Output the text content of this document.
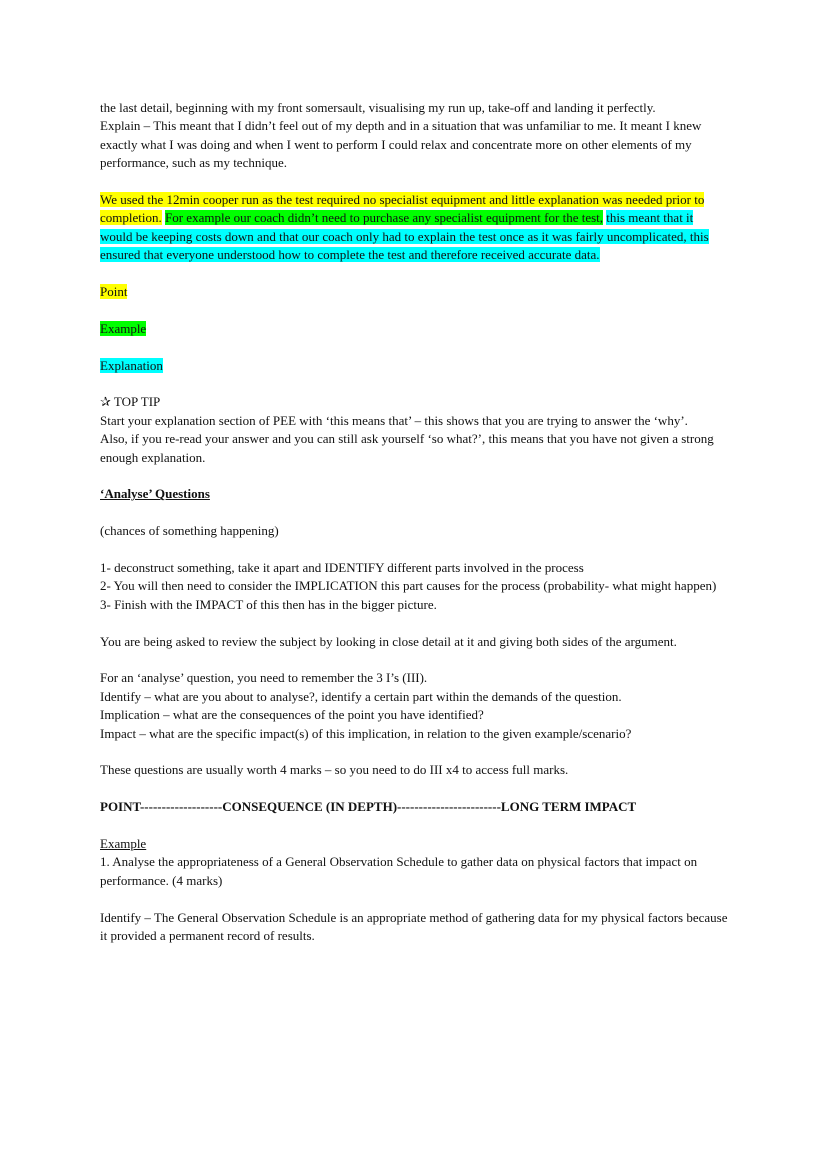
the last detail, beginning with my front somersault, visualising my run up, take-off and landing it perfectly.
Explain – This meant that I didn’t feel out of my depth and in a situation that was unfamiliar to me. It meant I knew exactly what I was doing and when I went to perform I could relax and concentrate more on other elements of my performance, such as my technique.

We used the 12min cooper run as the test required no specialist equipment and little explanation was needed prior to completion. For example our coach didn’t need to purchase any specialist equipment for the test, this meant that it would be keeping costs down and that our coach only had to explain the test once as it was fairly uncomplicated, this ensured that everyone understood how to complete the test and therefore received accurate data.

Point

Example

Explanation

✰ TOP TIP
Start your explanation section of PEE with ‘this means that’ – this shows that you are trying to answer the ‘why’.
Also, if you re-read your answer and you can still ask yourself ‘so what?’, this means that you have not given a strong enough explanation.

‘Analyse’ Questions

(chances of something happening)

1- deconstruct something, take it apart and IDENTIFY different parts involved in the process
2- You will then need to consider the IMPLICATION this part causes for the process (probability- what might happen)
3- Finish with the IMPACT of this then has in the bigger picture.

You are being asked to review the subject by looking in close detail at it and giving both sides of the argument.

For an ‘analyse’ question, you need to remember the 3 I’s (III).
Identify – what are you about to analyse?, identify a certain part within the demands of the question.
Implication – what are the consequences of the point you have identified?
Impact – what are the specific impact(s) of this implication, in relation to the given example/scenario?

These questions are usually worth 4 marks – so you need to do III x4 to access full marks.

POINT-------------------CONSEQUENCE (IN DEPTH)------------------------LONG TERM IMPACT

Example
1. Analyse the appropriateness of a General Observation Schedule to gather data on physical factors that impact on performance. (4 marks)

Identify – The General Observation Schedule is an appropriate method of gathering data for my physical factors because it provided a permanent record of results.
